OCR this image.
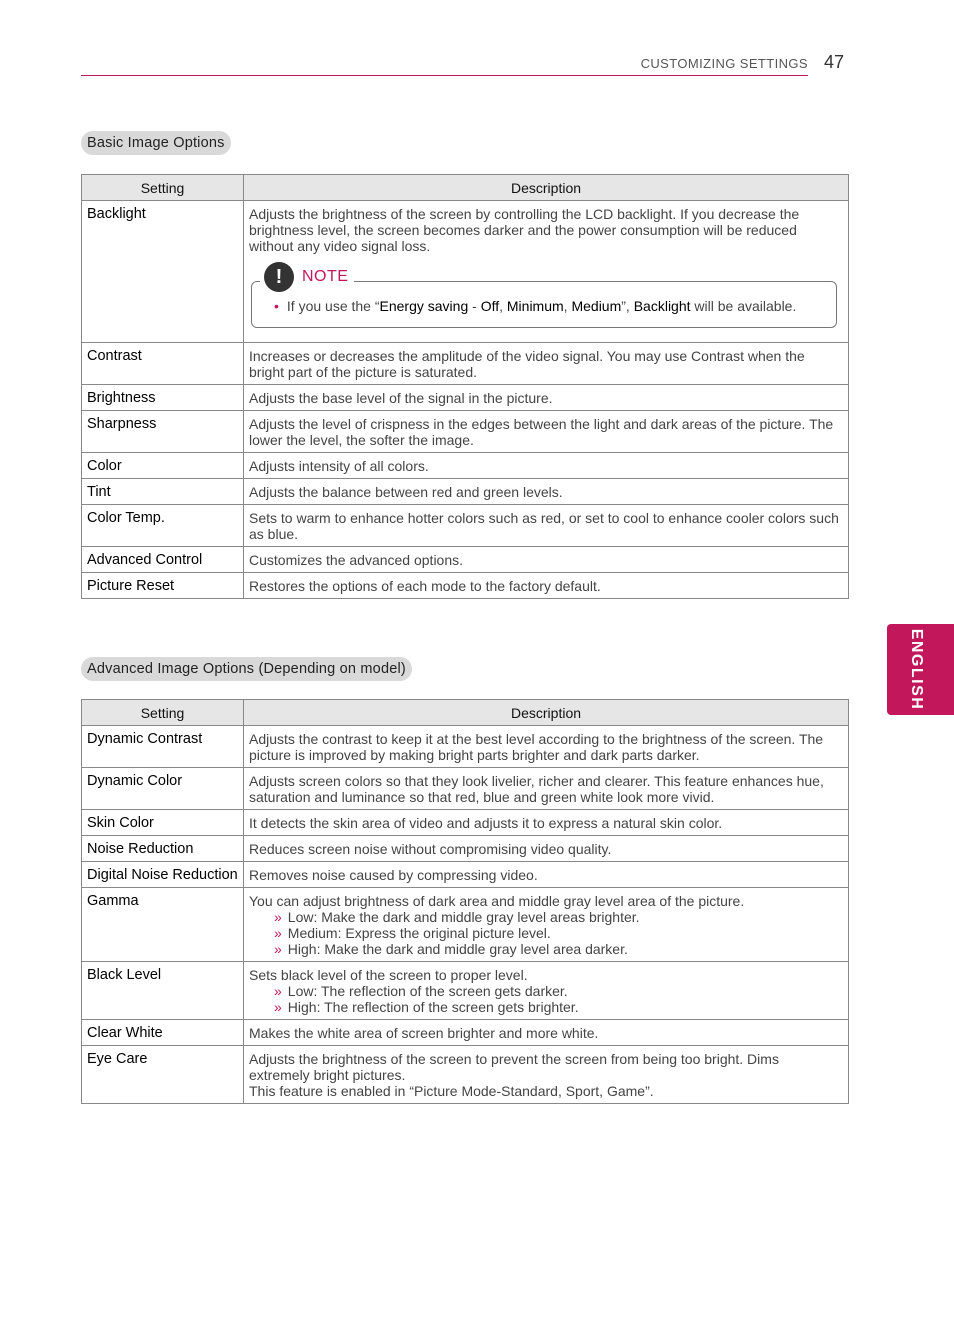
CUSTOMIZING SETTINGS 47
Basic Image Options
Setting	Description
Backlight	Adjusts the brightness of the screen by controlling the LCD backlight. If you decrease the brightness level, the screen becomes darker and the power consumption will be reduced without any video signal loss.
! NOTE
• If you use the “Energy saving - Off, Minimum, Medium”, Backlight will be available.

Contrast	Increases or decreases the amplitude of the video signal. You may use Contrast when the bright part of the picture is saturated.
Brightness	Adjusts the base level of the signal in the picture.
Sharpness	Adjusts the level of crispness in the edges between the light and dark areas of the picture. The lower the level, the softer the image.
Color	Adjusts intensity of all colors.
Tint	Adjusts the balance between red and green levels.
Color Temp.	Sets to warm to enhance hotter colors such as red, or set to cool to enhance cooler colors such as blue.
Advanced Control	Customizes the advanced options.
Picture Reset	Restores the options of each mode to the factory default.
Advanced Image Options (Depending on model)
Setting	Description
Dynamic Contrast	Adjusts the contrast to keep it at the best level according to the brightness of the screen. The picture is improved by making bright parts brighter and dark parts darker.
Dynamic Color	Adjusts screen colors so that they look livelier, richer and clearer. This feature enhances hue, saturation and luminance so that red, blue and green white look more vivid.
Skin Color	It detects the skin area of video and adjusts it to express a natural skin color.
Noise Reduction	Reduces screen noise without compromising video quality.
Digital Noise Reduction	Removes noise caused by compressing video.
Gamma	You can adjust brightness of dark area and middle gray level area of the picture.
» Low: Make the dark and middle gray level areas brighter.
» Medium: Express the original picture level.
» High: Make the dark and middle gray level area darker.

Black Level	Sets black level of the screen to proper level.
» Low: The reflection of the screen gets darker.
» High: The reflection of the screen gets brighter.

Clear White	Makes the white area of screen brighter and more white.
Eye Care	Adjusts the brightness of the screen to prevent the screen from being too bright. Dims extremely bright pictures.
This feature is enabled in “Picture Mode-Standard, Sport, Game”.
ENGLISH
